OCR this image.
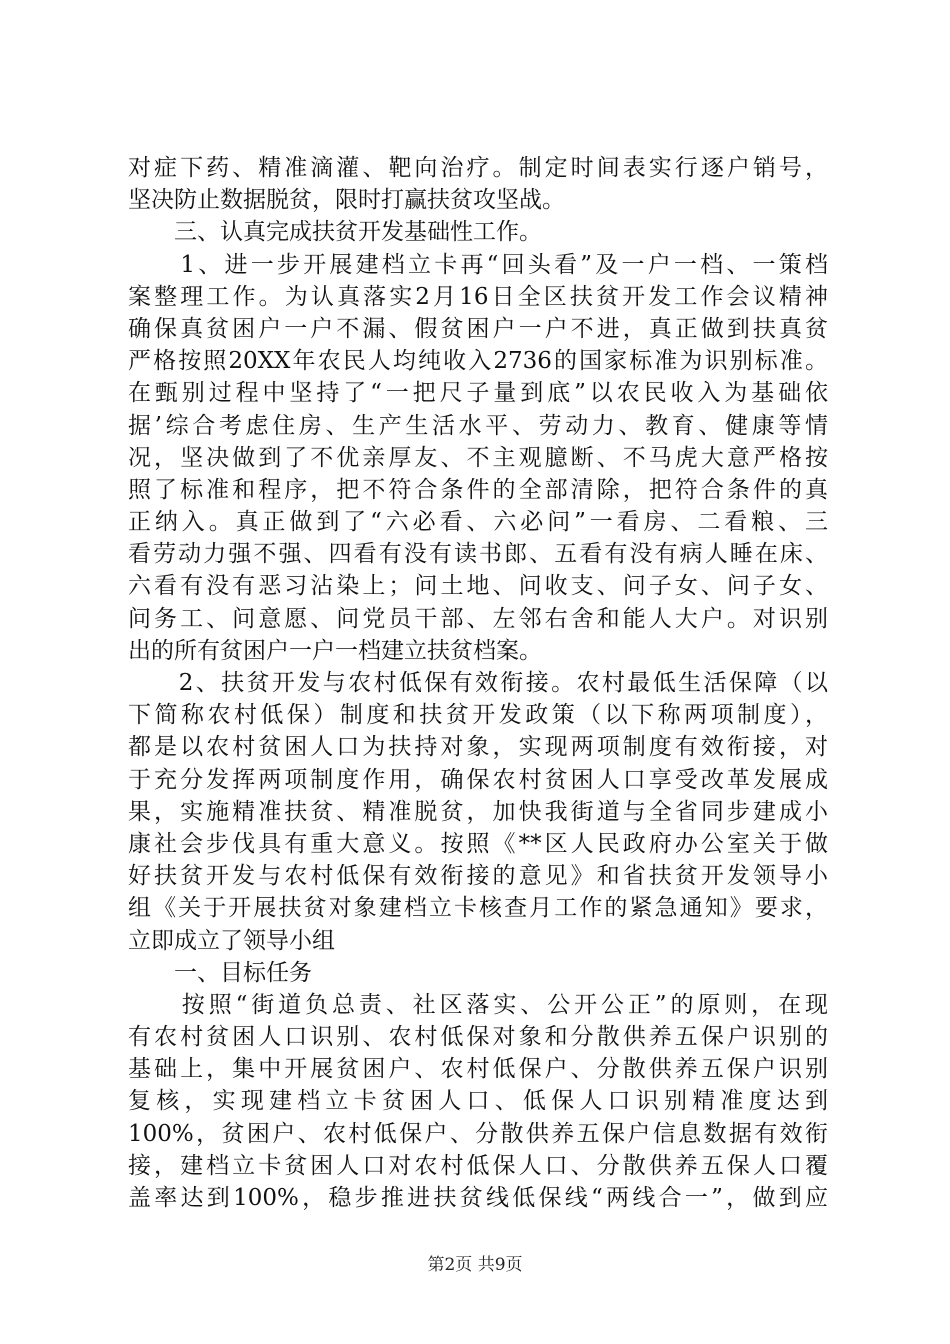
对症下药、精准滴灌、靶向治疗。制定时间表实行逐户销号，
坚决防止数据脱贫，限时打赢扶贫攻坚战。
　　三、认真完成扶贫开发基础性工作。
　　1、进一步开展建档立卡再“回头看”及一户一档、一策档
案整理工作。为认真落实2月16日全区扶贫开发工作会议精神
确保真贫困户一户不漏、假贫困户一户不进，真正做到扶真贫
严格按照20XX年农民人均纯收入2736的国家标准为识别标准。
在甄别过程中坚持了“一把尺子量到底”以农民收入为基础依
据’综合考虑住房、生产生活水平、劳动力、教育、健康等情
况，坚决做到了不优亲厚友、不主观臆断、不马虎大意严格按
照了标准和程序，把不符合条件的全部清除，把符合条件的真
正纳入。真正做到了“六必看、六必问”一看房、二看粮、三
看劳动力强不强、四看有没有读书郎、五看有没有病人睡在床、
六看有没有恶习沾染上；问土地、问收支、问子女、问子女、
问务工、问意愿、问党员干部、左邻右舍和能人大户。对识别
出的所有贫困户一户一档建立扶贫档案。
　　2、扶贫开发与农村低保有效衔接。农村最低生活保障（以
下简称农村低保）制度和扶贫开发政策（以下称两项制度），
都是以农村贫困人口为扶持对象，实现两项制度有效衔接，对
于充分发挥两项制度作用，确保农村贫困人口享受改革发展成
果，实施精准扶贫、精准脱贫，加快我街道与全省同步建成小
康社会步伐具有重大意义。按照《**区人民政府办公室关于做
好扶贫开发与农村低保有效衔接的意见》和省扶贫开发领导小
组《关于开展扶贫对象建档立卡核查月工作的紧急通知》要求，
立即成立了领导小组
　　一、目标任务
　　按照“街道负总责、社区落实、公开公正”的原则，在现
有农村贫困人口识别、农村低保对象和分散供养五保户识别的
基础上，集中开展贫困户、农村低保户、分散供养五保户识别
复核，实现建档立卡贫困人口、低保人口识别精准度达到
100%，贫困户、农村低保户、分散供养五保户信息数据有效衔
接，建档立卡贫困人口对农村低保人口、分散供养五保人口覆
盖率达到100%，稳步推进扶贫线低保线“两线合一”，做到应
第2页 共9页
